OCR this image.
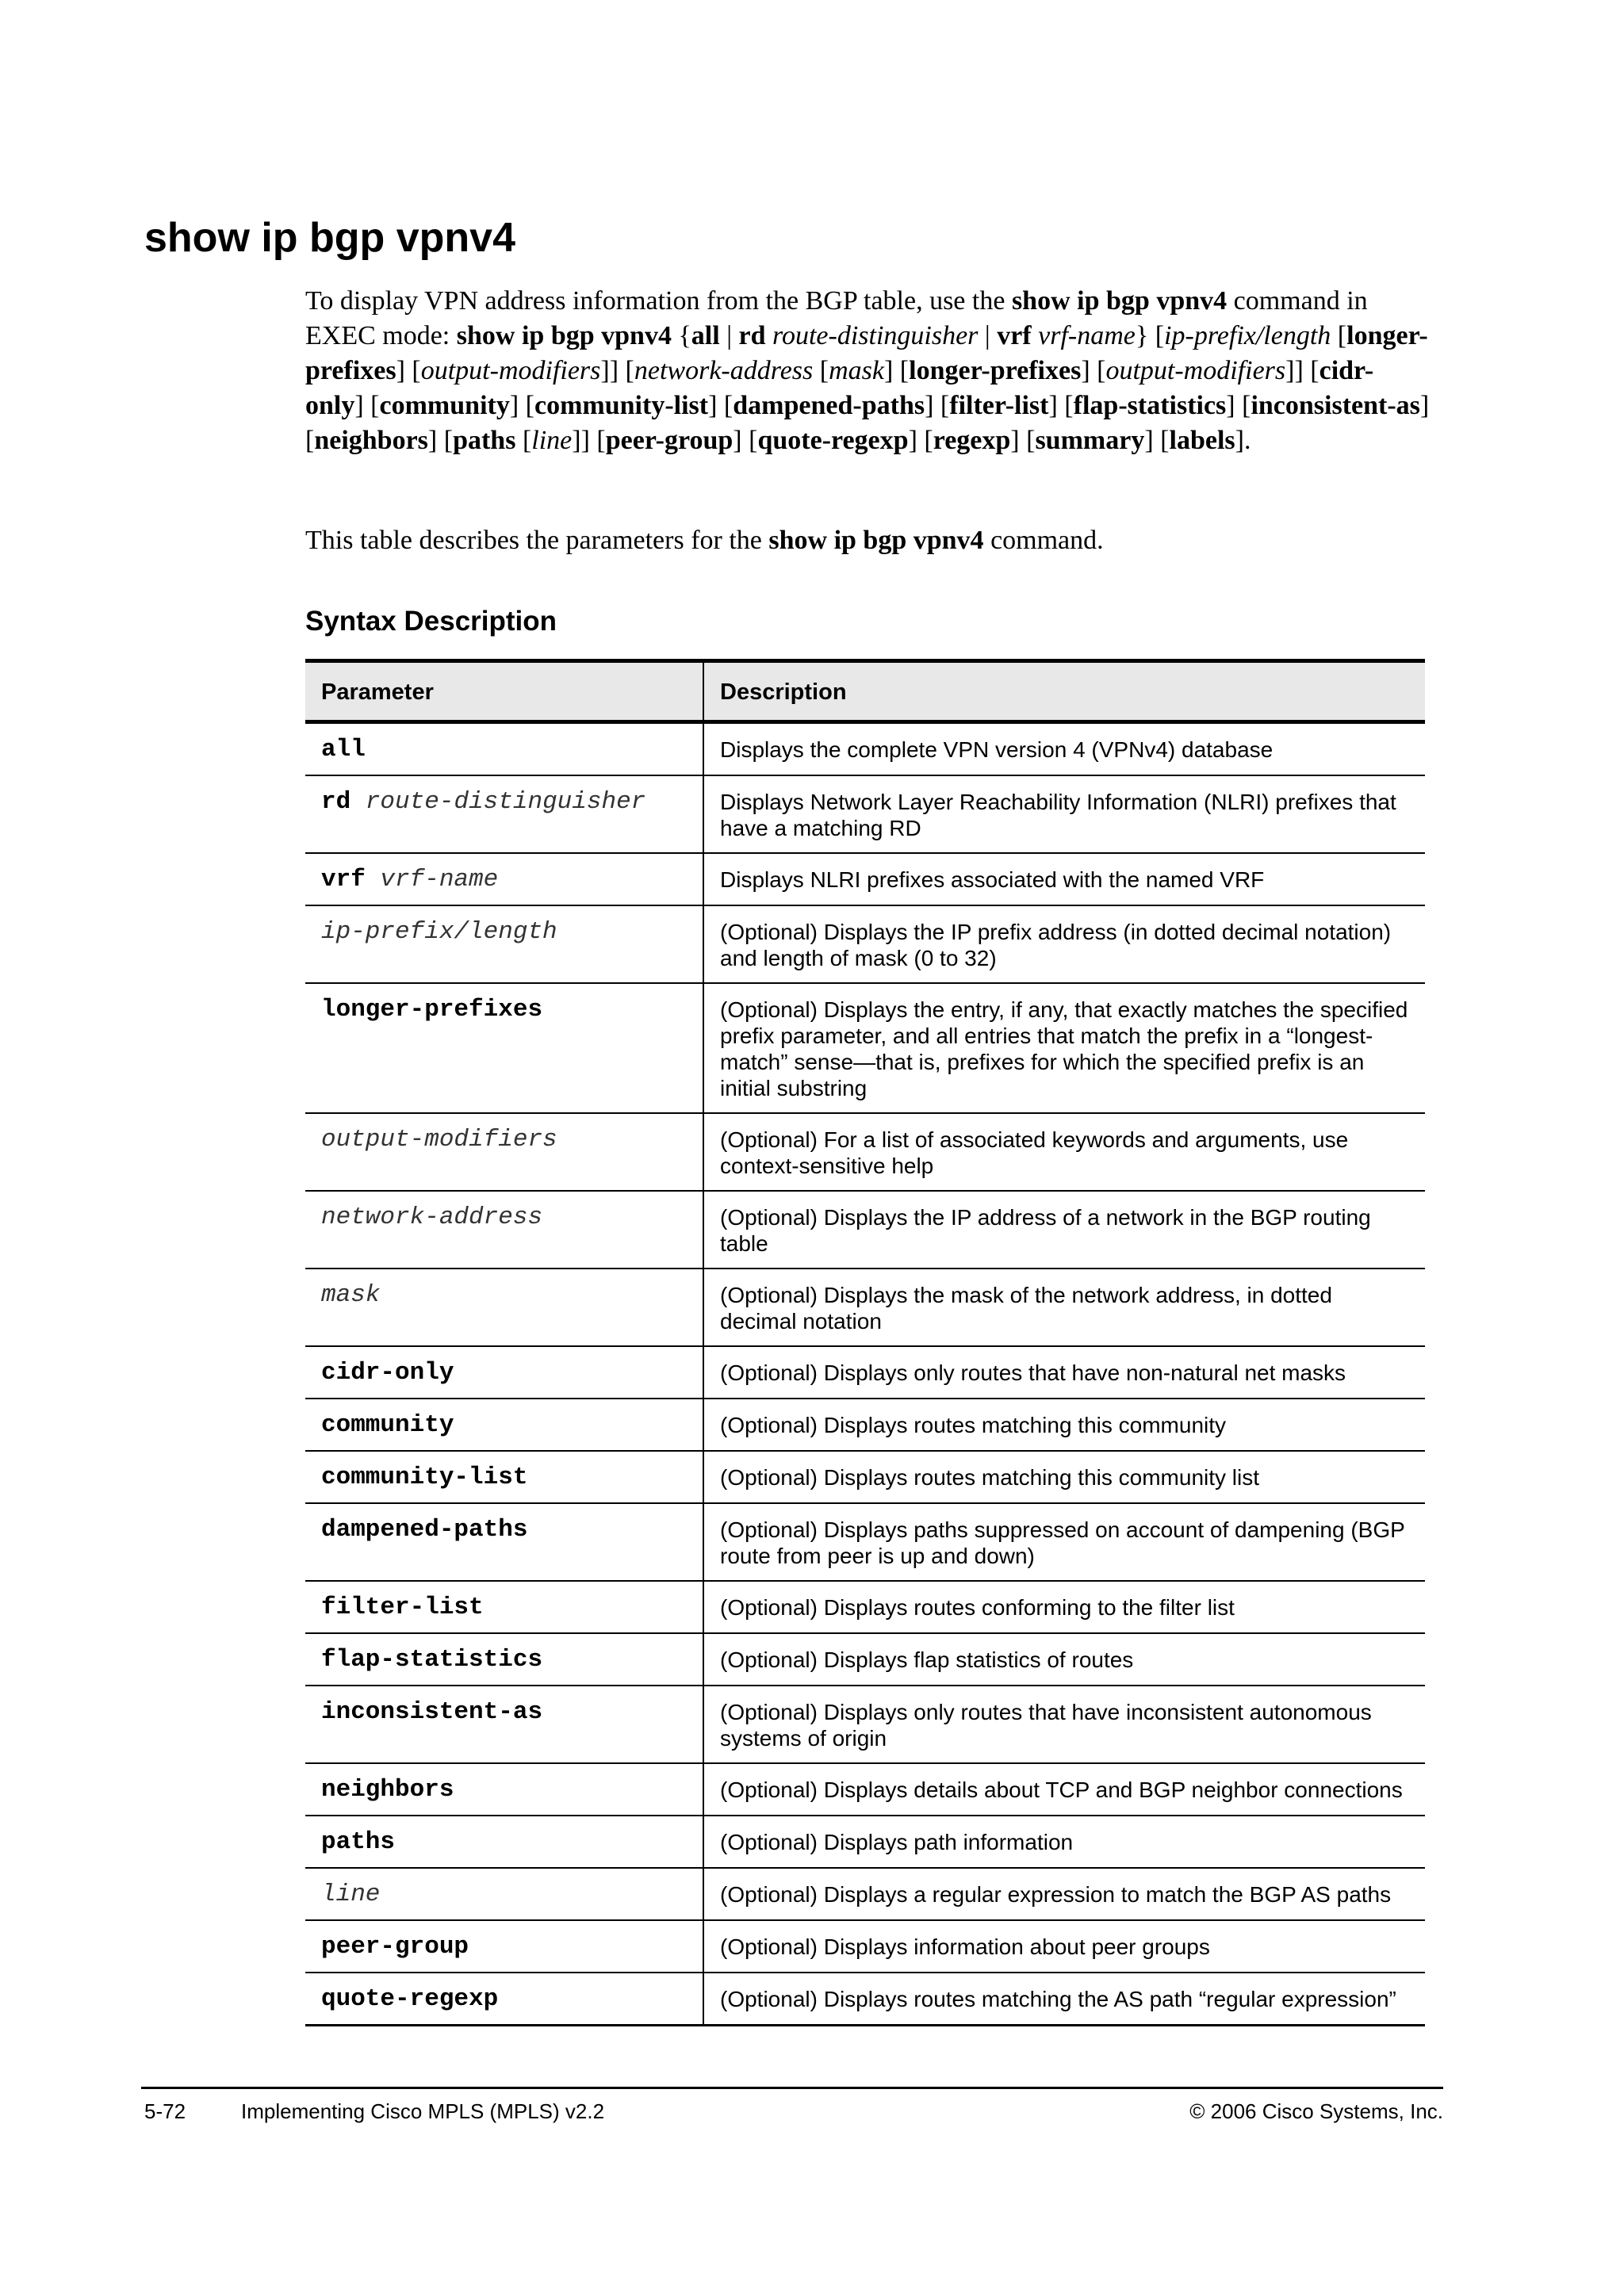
show ip bgp vpnv4

To display VPN address information from the BGP table, use the show ip bgp vpnv4 command in EXEC mode: show ip bgp vpnv4 {all | rd route-distinguisher | vrf vrf-name} [ip-prefix/length [longer-prefixes] [output-modifiers]] [network-address [mask] [longer-prefixes] [output-modifiers]] [cidr-only] [community] [community-list] [dampened-paths] [filter-list] [flap-statistics] [inconsistent-as] [neighbors] [paths [line]] [peer-group] [quote-regexp] [regexp] [summary] [labels].

This table describes the parameters for the show ip bgp vpnv4 command.

Syntax Description
Parameter	Description
all	Displays the complete VPN version 4 (VPNv4) database
rd route-distinguisher	Displays Network Layer Reachability Information (NLRI) prefixes that have a matching RD
vrf vrf-name	Displays NLRI prefixes associated with the named VRF
ip-prefix/length	(Optional) Displays the IP prefix address (in dotted decimal notation) and length of mask (0 to 32)
longer-prefixes	(Optional) Displays the entry, if any, that exactly matches the specified prefix parameter, and all entries that match the prefix in a “longest-match” sense—that is, prefixes for which the specified prefix is an initial substring
output-modifiers	(Optional) For a list of associated keywords and arguments, use context-sensitive help
network-address	(Optional) Displays the IP address of a network in the BGP routing table
mask	(Optional) Displays the mask of the network address, in dotted decimal notation
cidr-only	(Optional) Displays only routes that have non-natural net masks
community	(Optional) Displays routes matching this community
community-list	(Optional) Displays routes matching this community list
dampened-paths	(Optional) Displays paths suppressed on account of dampening (BGP route from peer is up and down)
filter-list	(Optional) Displays routes conforming to the filter list
flap-statistics	(Optional) Displays flap statistics of routes
inconsistent-as	(Optional) Displays only routes that have inconsistent autonomous systems of origin
neighbors	(Optional) Displays details about TCP and BGP neighbor connections
paths	(Optional) Displays path information
line	(Optional) Displays a regular expression to match the BGP AS paths
peer-group	(Optional) Displays information about peer groups
quote-regexp	(Optional) Displays routes matching the AS path “regular expression”

5-72	Implementing Cisco MPLS (MPLS) v2.2	© 2006 Cisco Systems, Inc.
